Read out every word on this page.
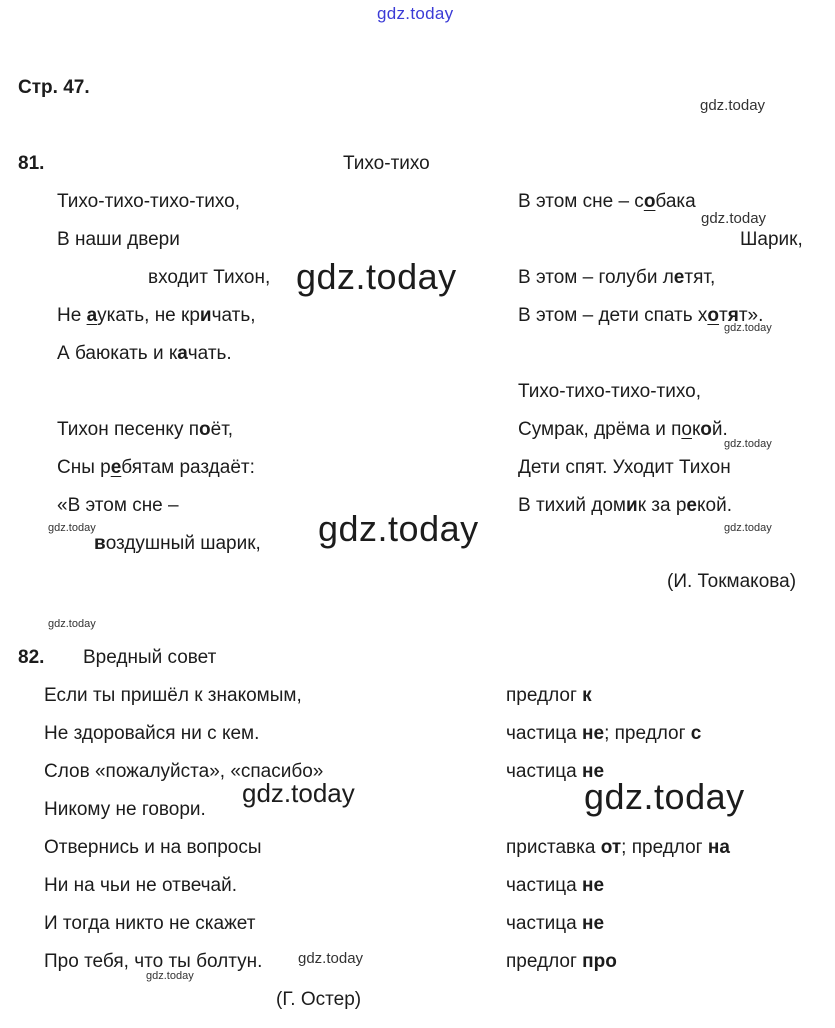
gdz.today
Стр. 47.
gdz.today
81.	Тихо-тихо
Тихо-тихо-тихо-тихо,
В наши двери
входит Тихон,
Не аукать, не кричать,
А баюкать и качать.
Тихон песенку поёт,
Сны ребятам раздаёт:
«В этом сне –
gdz.today
воздушный шарик,
gdz.today
gdz.today
В этом сне – собака
gdz.today
Шарик,
В этом – голуби летят,
В этом – дети спать хотят».
gdz.today
Тихо-тихо-тихо-тихо,
Сумрак, дрёма и покой.
gdz.today
Дети спят. Уходит Тихон
В тихий домик за рекой.
gdz.today
(И. Токмакова)
gdz.today
82. Вредный совет
Если ты пришёл к знакомым,
Не здоровайся ни с кем.
Слов «пожалуйста», «спасибо»
Никому не говори.
Отвернись и на вопросы
Ни на чьи не отвечай.
И тогда никто не скажет
Про тебя, что ты болтун. gdz.today
gdz.today
gdz.today	gdz.today
предлог к
частица не; предлог с
частица не
приставка от; предлог на
частица не
частица не
предлог про
(Г. Остер)
